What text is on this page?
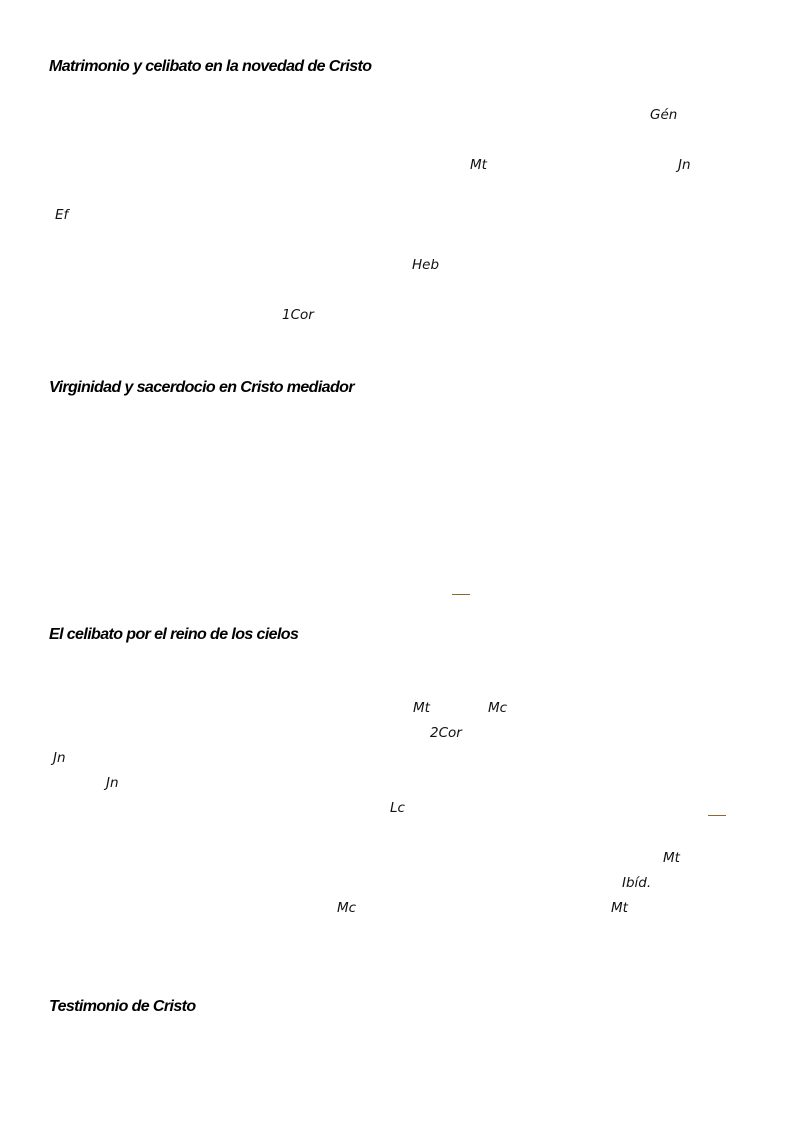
Matrimonio y celibato en la novedad de Cristo
Gén
Mt	Jn
Ef
Heb
1Cor
Virginidad y sacerdocio en Cristo mediador
El celibato por el reino de los cielos
Mt	Mc
2Cor
Jn
Jn
Lc
Mt
Ibíd.
Mc	Mt
Testimonio de Cristo
